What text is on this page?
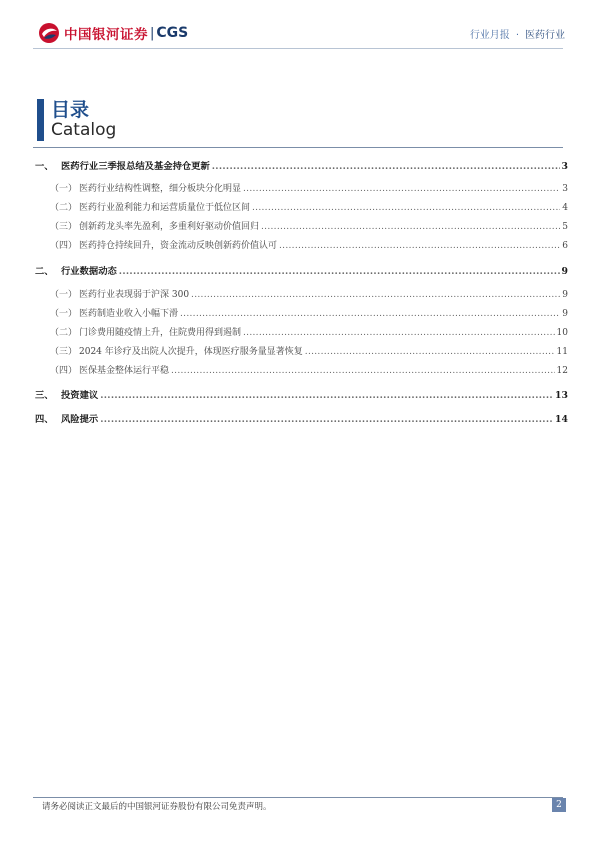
中国银河证券 | CGS	行业月报 · 医药行业
目录
Catalog
一、 医药行业三季报总结及基金持仓更新 .....	3
（一） 医药行业结构性调整，细分板块分化明显 .....	3
（二） 医药行业盈利能力和运营质量位于低位区间 .....	4
（三） 创新药龙头率先盈利，多重利好驱动价值回归 .....	5
（四） 医药持仓持续回升，资金流动反映创新药价值认可 .....	6
二、 行业数据动态 .....	9
（一） 医药行业表现弱于沪深 300 .....	9
（一） 医药制造业收入小幅下滑 .....	9
（二） 门诊费用随疫情上升，住院费用得到遏制 .....	10
（三） 2024 年诊疗及出院人次提升，体现医疗服务量显著恢复 .....	11
（四） 医保基金整体运行平稳 .....	12
三、 投资建议 .....	13
四、 风险提示 .....	14
请务必阅读正文最后的中国银河证券股份有限公司免责声明。	2
